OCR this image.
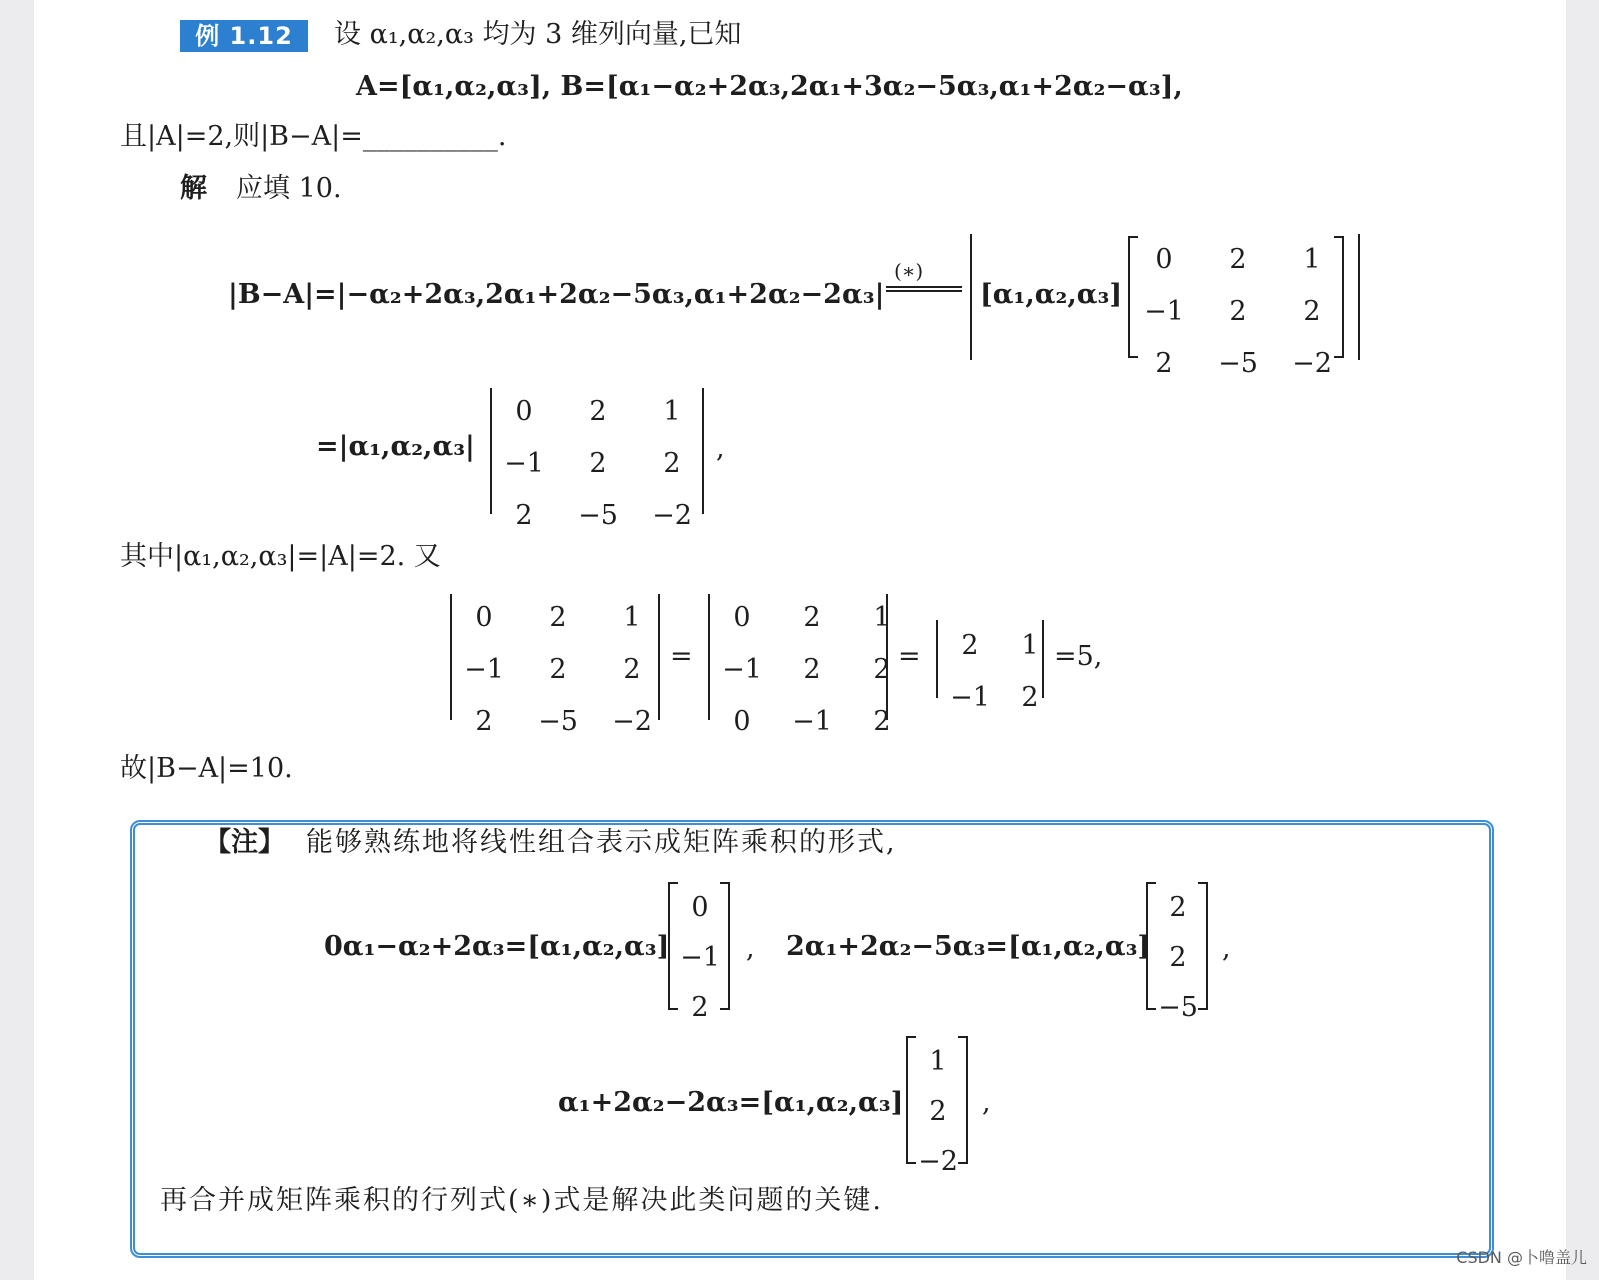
例 1.12	设 α₁,α₂,α₃ 均为 3 维列向量,已知
A=[α₁,α₂,α₃], B=[α₁−α₂+2α₃,2α₁+3α₂−5α₃,α₁+2α₂−α₃],
且|A|=2,则|B−A|=__________.
解 应填 10.
|B−A|=|−α₂+2α₃,2α₁+2α₂−5α₃,α₁+2α₂−2α₃|
(∗)
[α₁,α₂,α₃]
=|α₁,α₂,α₃|	,
其中|α₁,α₂,α₃|=|A|=2. 又
=	=	=5,
故|B−A|=10.
【注】 能够熟练地将线性组合表示成矩阵乘积的形式,
0α₁−α₂+2α₃=[α₁,α₂,α₃]	, 2α₁+2α₂−5α₃=[α₁,α₂,α₃]	,
α₁+2α₂−2α₃=[α₁,α₂,α₃]	,
再合并成矩阵乘积的行列式(∗)式是解决此类问题的关键.
0	2	1
−1	2	2
2	−5	−2
0	2	1
−1	2	2
2	−5	−2
0	2	1
−1	2	2
2	−5	−2
0	2	1
−1	2	2
0	−1	2
2	1
−1	2
0
−1
2
2
2
−5
1
2
−2
CSDN @卜噜盖儿
